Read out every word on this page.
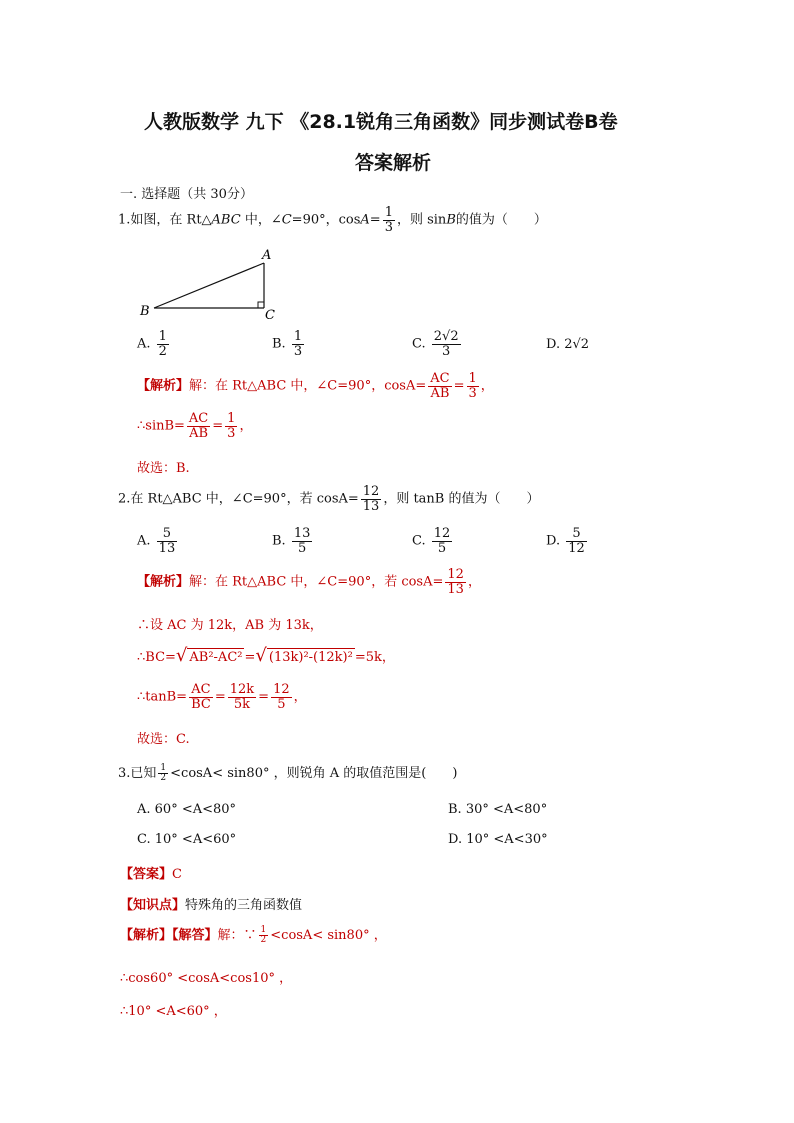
人教版数学 九下 《28.1锐角三角函数》同步测试卷B卷
答案解析
一. 选择题（共 30分）
1.如图，在 Rt△ABC 中，∠C=90°，$\cos A= \frac{1}{3}$ ，则 sinB的值为（　　）
A
B	C
A. $\frac{1}{2}$	B. $\frac{1}{3}$	C. $\frac{2√2}{3}$	D. 2√2
【解析】解：在 Rt△ABC 中，∠C=90°，$\cos A= \frac{AC}{AB} = \frac{1}{3}$ ，
∴sinB= $\frac{AC}{AB} = \frac{1}{3}$ ，
故选：B.
2.在 Rt△ABC 中，∠C=90°，若 $\cos A= \frac{12}{13}$ ，则 tanB 的值为（　　）
A. $\frac{5}{13}$	B. $\frac{13}{5}$	C. $\frac{12}{5}$	D. $\frac{5}{12}$
【解析】解：在 Rt△ABC 中，∠C=90°，若 $\cos A= \frac{12}{13}$ ，
∴设 AC 为 12k，AB 为 13k，
∴BC=√ AB²-AC² =√ (13k)²-(12k)² =5k，
∴tanB= $\frac{AC}{BC} = \frac{12k}{5k} = \frac{12}{5}$ ，
故选：C.
3.已知 $\frac{1}{2} <\cos A< \sin 80^\circ$ ，则锐角 A 的取值范围是(　　)
A. 60° <A<80°	B. 30° <A<80°
C. 10° <A<60°	D. 10° <A<30°
【答案】C
【知识点】特殊角的三角函数值
【解析】【解答】解：∵ $\frac{1}{2} <\cos A< \sin 80^\circ$ ，
∴cos60° <cosA<cos10° ，
∴10° <A<60° ，
